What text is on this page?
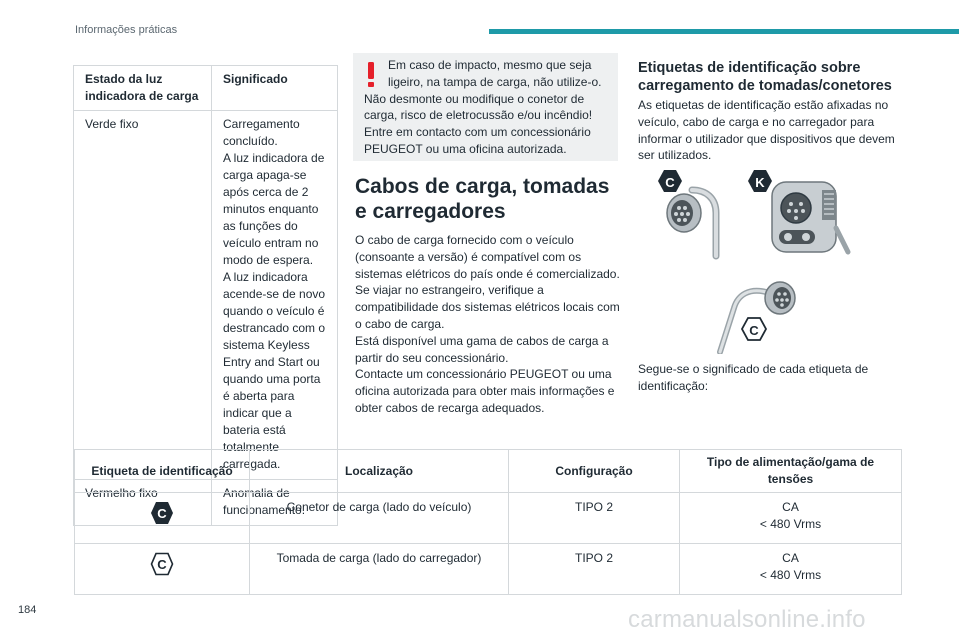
Informações práticas
Estado da luz indicadora de carga	Significado
Verde fixo	Carregamento concluído.
A luz indicadora de carga apaga-se após cerca de 2 minutos enquanto as funções do veículo entram no modo de espera.
A luz indicadora acende-se de novo quando o veículo é destrancado com o sistema Keyless Entry and Start ou quando uma porta é aberta para indicar que a bateria está totalmente carregada.

Vermelho fixo	Anomalia de funcionamento.

Em caso de impacto, mesmo que seja ligeiro, na tampa de carga, não utilize-o.

Não desmonte ou modifique o conetor de carga, risco de eletrocussão e/ou incêndio!

Entre em contacto com um concessionário PEUGEOT ou uma oficina autorizada.

Cabos de carga, tomadas e carregadores

O cabo de carga fornecido com o veículo (consoante a versão) é compatível com os sistemas elétricos do país onde é comercializado. Se viajar no estrangeiro, verifique a compatibilidade dos sistemas elétricos locais com o cabo de carga.

Está disponível uma gama de cabos de carga a partir do seu concessionário.

Contacte um concessionário PEUGEOT ou uma oficina autorizada para obter mais informações e obter cabos de recarga adequados.

Etiquetas de identificação sobre carregamento de tomadas/conetores
As etiquetas de identificação estão afixadas no veículo, cabo de carga e no carregador para informar o utilizador que dispositivos que devem ser utilizados.
C	K
C
Segue-se o significado de cada etiqueta de identificação:
Etiqueta de identificação	Localização	Configuração	Tipo de alimentação/gama de tensões

C	Conetor de carga (lado do veículo)	TIPO 2	CA
< 480 Vrms

C	Tomada de carga (lado do carregador)	TIPO 2	CA
< 480 Vrms
184	carmanualsonline.info
